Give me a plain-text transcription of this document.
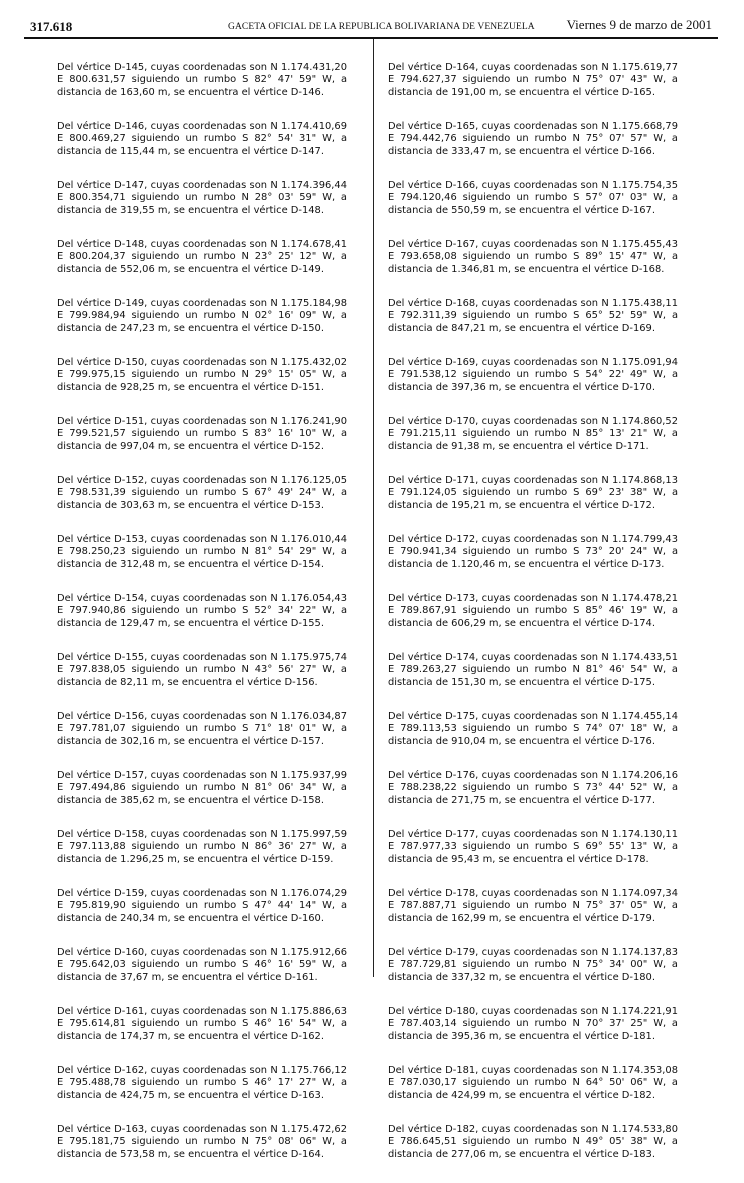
317.618	GACETA OFICIAL DE LA REPUBLICA BOLIVARIANA DE VENEZUELA Viernes 9 de marzo de 2001

Del vértice D-145, cuyas coordenadas son N 1.174.431,20 E 800.631,57 siguiendo un rumbo S 82° 47' 59" W, a distancia de 163,60 m, se encuentra el vértice D-146.

Del vértice D-146, cuyas coordenadas son N 1.174.410,69 E 800.469,27 siguiendo un rumbo S 82° 54' 31" W, a distancia de 115,44 m, se encuentra el vértice D-147.

Del vértice D-147, cuyas coordenadas son N 1.174.396,44 E 800.354,71 siguiendo un rumbo N 28° 03' 59" W, a distancia de 319,55 m, se encuentra el vértice D-148.

Del vértice D-148, cuyas coordenadas son N 1.174.678,41 E 800.204,37 siguiendo un rumbo N 23° 25' 12" W, a distancia de 552,06 m, se encuentra el vértice D-149.

Del vértice D-149, cuyas coordenadas son N 1.175.184,98 E 799.984,94 siguiendo un rumbo N 02° 16' 09" W, a distancia de 247,23 m, se encuentra el vértice D-150.

Del vértice D-150, cuyas coordenadas son N 1.175.432,02 E 799.975,15 siguiendo un rumbo N 29° 15' 05" W, a distancia de 928,25 m, se encuentra el vértice D-151.

Del vértice D-151, cuyas coordenadas son N 1.176.241,90 E 799.521,57 siguiendo un rumbo S 83° 16' 10" W, a distancia de 997,04 m, se encuentra el vértice D-152.

Del vértice D-152, cuyas coordenadas son N 1.176.125,05 E 798.531,39 siguiendo un rumbo S 67° 49' 24" W, a distancia de 303,63 m, se encuentra el vértice D-153.

Del vértice D-153, cuyas coordenadas son N 1.176.010,44 E 798.250,23 siguiendo un rumbo N 81° 54' 29" W, a distancia de 312,48 m, se encuentra el vértice D-154.

Del vértice D-154, cuyas coordenadas son N 1.176.054,43 E 797.940,86 siguiendo un rumbo S 52° 34' 22" W, a distancia de 129,47 m, se encuentra el vértice D-155.

Del vértice D-155, cuyas coordenadas son N 1.175.975,74 E 797.838,05 siguiendo un rumbo N 43° 56' 27" W, a distancia de 82,11 m, se encuentra el vértice D-156.

Del vértice D-156, cuyas coordenadas son N 1.176.034,87 E 797.781,07 siguiendo un rumbo S 71° 18' 01" W, a distancia de 302,16 m, se encuentra el vértice D-157.

Del vértice D-157, cuyas coordenadas son N 1.175.937,99 E 797.494,86 siguiendo un rumbo N 81° 06' 34" W, a distancia de 385,62 m, se encuentra el vértice D-158.

Del vértice D-158, cuyas coordenadas son N 1.175.997,59 E 797.113,88 siguiendo un rumbo N 86° 36' 27" W, a distancia de 1.296,25 m, se encuentra el vértice D-159.

Del vértice D-159, cuyas coordenadas son N 1.176.074,29 E 795.819,90 siguiendo un rumbo S 47° 44' 14" W, a distancia de 240,34 m, se encuentra el vértice D-160.

Del vértice D-160, cuyas coordenadas son N 1.175.912,66 E 795.642,03 siguiendo un rumbo S 46° 16' 59" W, a distancia de 37,67 m, se encuentra el vértice D-161.

Del vértice D-161, cuyas coordenadas son N 1.175.886,63 E 795.614,81 siguiendo un rumbo S 46° 16' 54" W, a distancia de 174,37 m, se encuentra el vértice D-162.

Del vértice D-162, cuyas coordenadas son N 1.175.766,12 E 795.488,78 siguiendo un rumbo S 46° 17' 27" W, a distancia de 424,75 m, se encuentra el vértice D-163.

Del vértice D-163, cuyas coordenadas son N 1.175.472,62 E 795.181,75 siguiendo un rumbo N 75° 08' 06" W, a distancia de 573,58 m, se encuentra el vértice D-164.

Del vértice D-164, cuyas coordenadas son N 1.175.619,77 E 794.627,37 siguiendo un rumbo N 75° 07' 43" W, a distancia de 191,00 m, se encuentra el vértice D-165.

Del vértice D-165, cuyas coordenadas son N 1.175.668,79 E 794.442,76 siguiendo un rumbo N 75° 07' 57" W, a distancia de 333,47 m, se encuentra el vértice D-166.

Del vértice D-166, cuyas coordenadas son N 1.175.754,35 E 794.120,46 siguiendo un rumbo S 57° 07' 03" W, a distancia de 550,59 m, se encuentra el vértice D-167.

Del vértice D-167, cuyas coordenadas son N 1.175.455,43 E 793.658,08 siguiendo un rumbo S 89° 15' 47" W, a distancia de 1.346,81 m, se encuentra el vértice D-168.

Del vértice D-168, cuyas coordenadas son N 1.175.438,11 E 792.311,39 siguiendo un rumbo S 65° 52' 59" W, a distancia de 847,21 m, se encuentra el vértice D-169.

Del vértice D-169, cuyas coordenadas son N 1.175.091,94 E 791.538,12 siguiendo un rumbo S 54° 22' 49" W, a distancia de 397,36 m, se encuentra el vértice D-170.

Del vértice D-170, cuyas coordenadas son N 1.174.860,52 E 791.215,11 siguiendo un rumbo N 85° 13' 21" W, a distancia de 91,38 m, se encuentra el vértice D-171.

Del vértice D-171, cuyas coordenadas son N 1.174.868,13 E 791.124,05 siguiendo un rumbo S 69° 23' 38" W, a distancia de 195,21 m, se encuentra el vértice D-172.

Del vértice D-172, cuyas coordenadas son N 1.174.799,43 E 790.941,34 siguiendo un rumbo S 73° 20' 24" W, a distancia de 1.120,46 m, se encuentra el vértice D-173.

Del vértice D-173, cuyas coordenadas son N 1.174.478,21 E 789.867,91 siguiendo un rumbo S 85° 46' 19" W, a distancia de 606,29 m, se encuentra el vértice D-174.

Del vértice D-174, cuyas coordenadas son N 1.174.433,51 E 789.263,27 siguiendo un rumbo N 81° 46' 54" W, a distancia de 151,30 m, se encuentra el vértice D-175.

Del vértice D-175, cuyas coordenadas son N 1.174.455,14 E 789.113,53 siguiendo un rumbo S 74° 07' 18" W, a distancia de 910,04 m, se encuentra el vértice D-176.

Del vértice D-176, cuyas coordenadas son N 1.174.206,16 E 788.238,22 siguiendo un rumbo S 73° 44' 52" W, a distancia de 271,75 m, se encuentra el vértice D-177.

Del vértice D-177, cuyas coordenadas son N 1.174.130,11 E 787.977,33 siguiendo un rumbo S 69° 55' 13" W, a distancia de 95,43 m, se encuentra el vértice D-178.

Del vértice D-178, cuyas coordenadas son N 1.174.097,34 E 787.887,71 siguiendo un rumbo N 75° 37' 05" W, a distancia de 162,99 m, se encuentra el vértice D-179.

Del vértice D-179, cuyas coordenadas son N 1.174.137,83 E 787.729,81 siguiendo un rumbo N 75° 34' 00" W, a distancia de 337,32 m, se encuentra el vértice D-180.

Del vértice D-180, cuyas coordenadas son N 1.174.221,91 E 787.403,14 siguiendo un rumbo N 70° 37' 25" W, a distancia de 395,36 m, se encuentra el vértice D-181.

Del vértice D-181, cuyas coordenadas son N 1.174.353,08 E 787.030,17 siguiendo un rumbo N 64° 50' 06" W, a distancia de 424,99 m, se encuentra el vértice D-182.

Del vértice D-182, cuyas coordenadas son N 1.174.533,80 E 786.645,51 siguiendo un rumbo N 49° 05' 38" W, a distancia de 277,06 m, se encuentra el vértice D-183.
